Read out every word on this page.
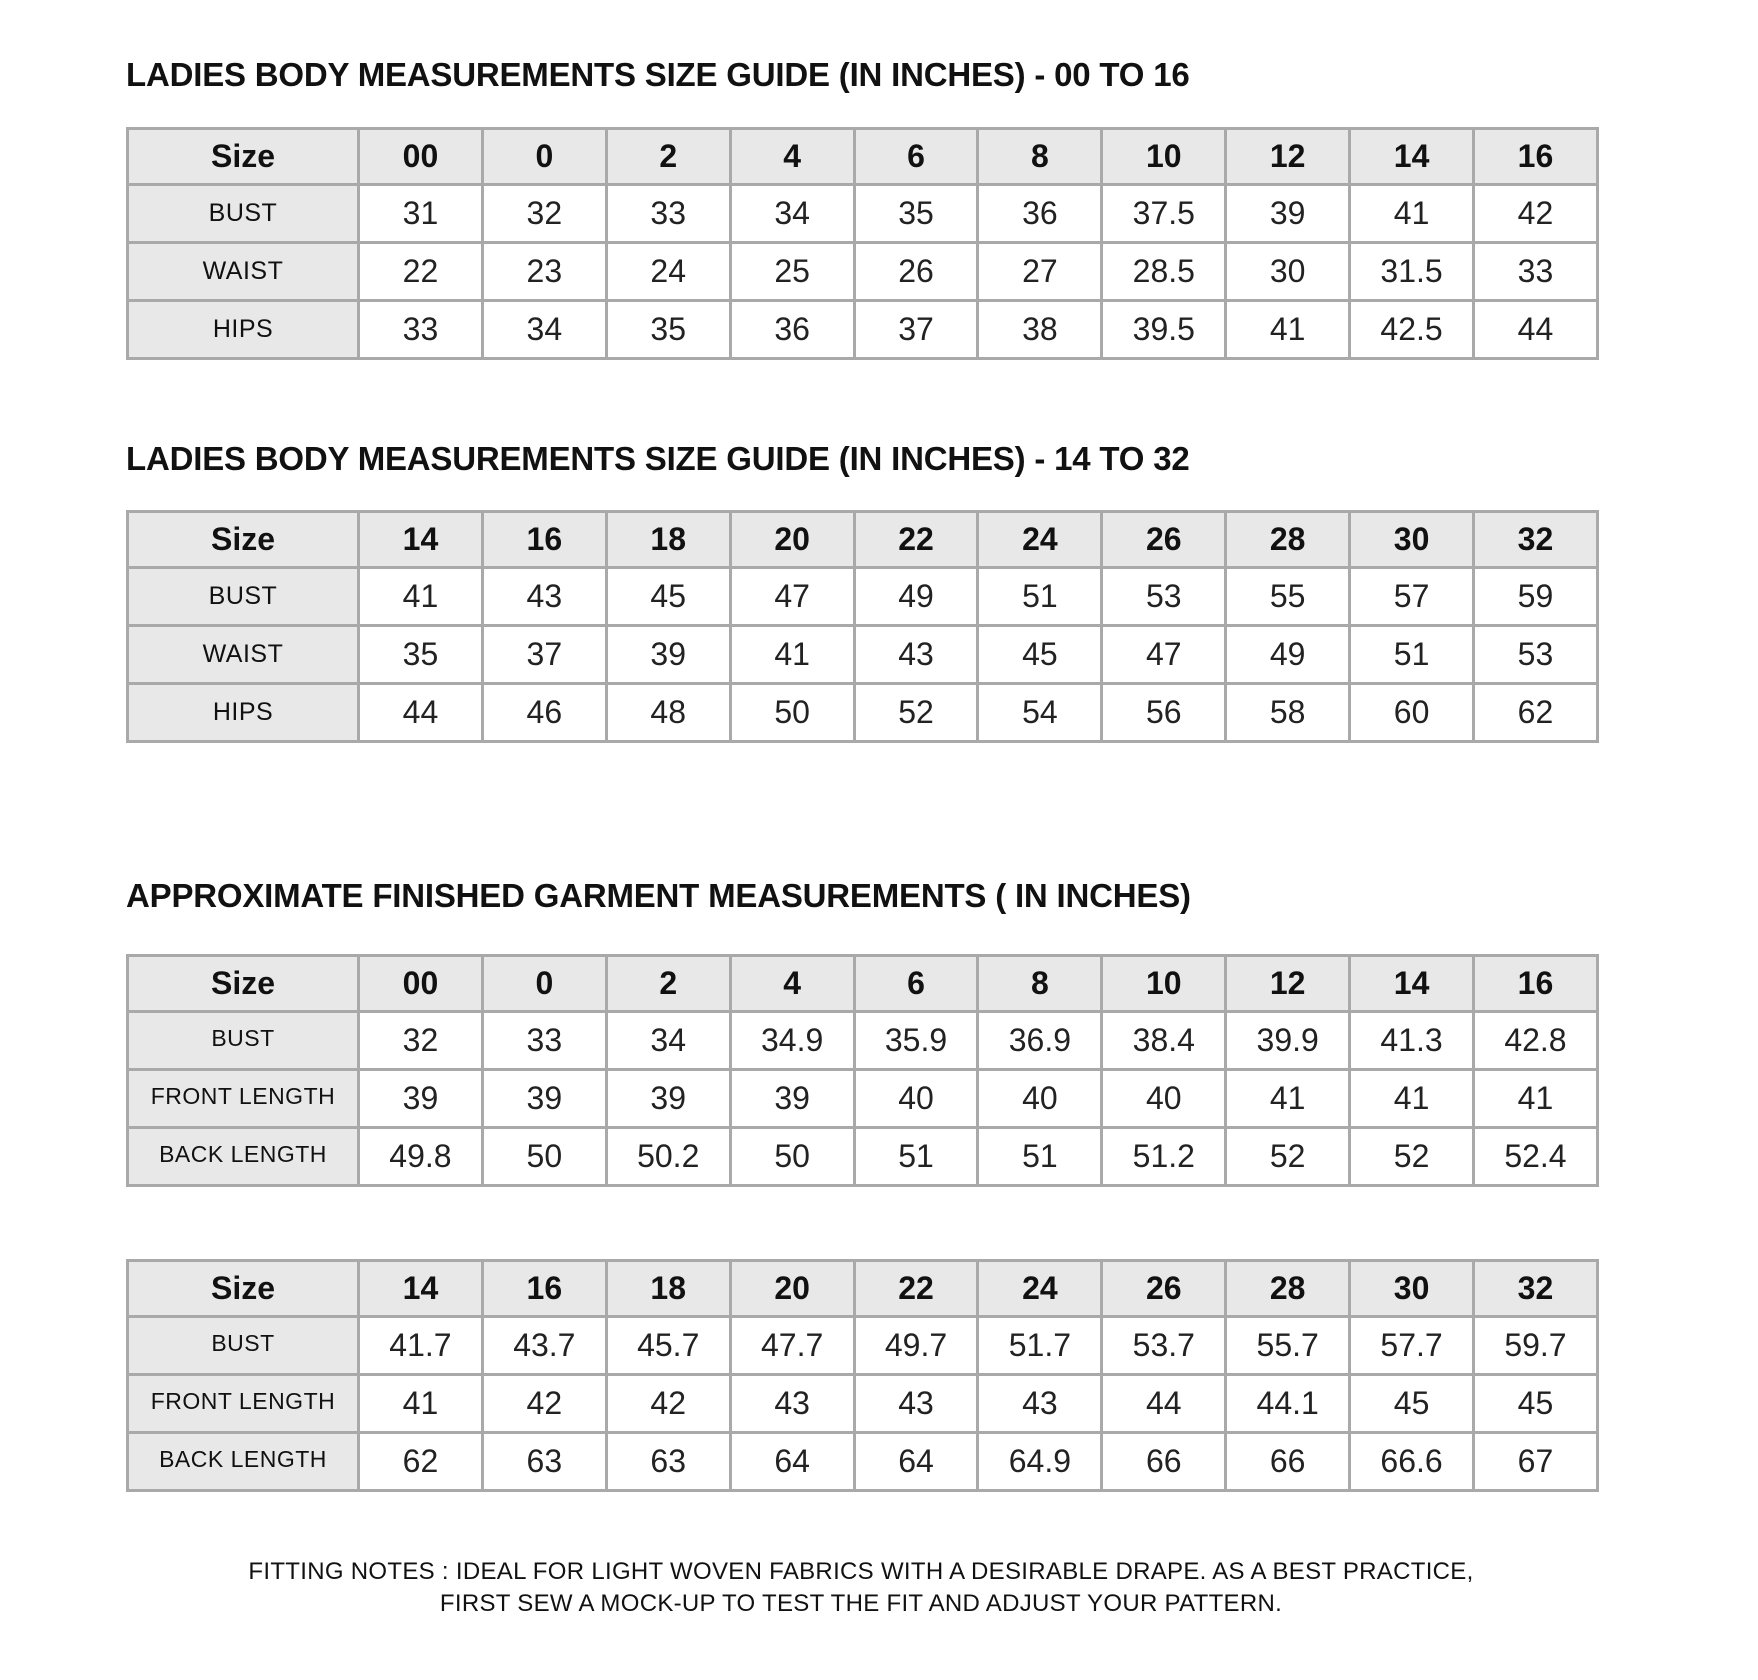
LADIES BODY MEASUREMENTS SIZE GUIDE (IN INCHES) - 00 TO 16
Size	00	0	2	4	6	8	10	12	14	16
BUST	31	32	33	34	35	36	37.5	39	41	42
WAIST	22	23	24	25	26	27	28.5	30	31.5	33
HIPS	33	34	35	36	37	38	39.5	41	42.5	44
LADIES BODY MEASUREMENTS SIZE GUIDE (IN INCHES) - 14 TO 32
Size	14	16	18	20	22	24	26	28	30	32
BUST	41	43	45	47	49	51	53	55	57	59
WAIST	35	37	39	41	43	45	47	49	51	53
HIPS	44	46	48	50	52	54	56	58	60	62
APPROXIMATE FINISHED GARMENT MEASUREMENTS ( IN INCHES)
Size	00	0	2	4	6	8	10	12	14	16
BUST	32	33	34	34.9	35.9	36.9	38.4	39.9	41.3	42.8
FRONT LENGTH	39	39	39	39	40	40	40	41	41	41
BACK LENGTH	49.8	50	50.2	50	51	51	51.2	52	52	52.4
Size	14	16	18	20	22	24	26	28	30	32
BUST	41.7	43.7	45.7	47.7	49.7	51.7	53.7	55.7	57.7	59.7
FRONT LENGTH	41	42	42	43	43	43	44	44.1	45	45
BACK LENGTH	62	63	63	64	64	64.9	66	66	66.6	67
FITTING NOTES : IDEAL FOR LIGHT WOVEN FABRICS WITH A DESIRABLE DRAPE. AS A BEST PRACTICE,
FIRST SEW A MOCK-UP TO TEST THE FIT AND ADJUST YOUR PATTERN.
